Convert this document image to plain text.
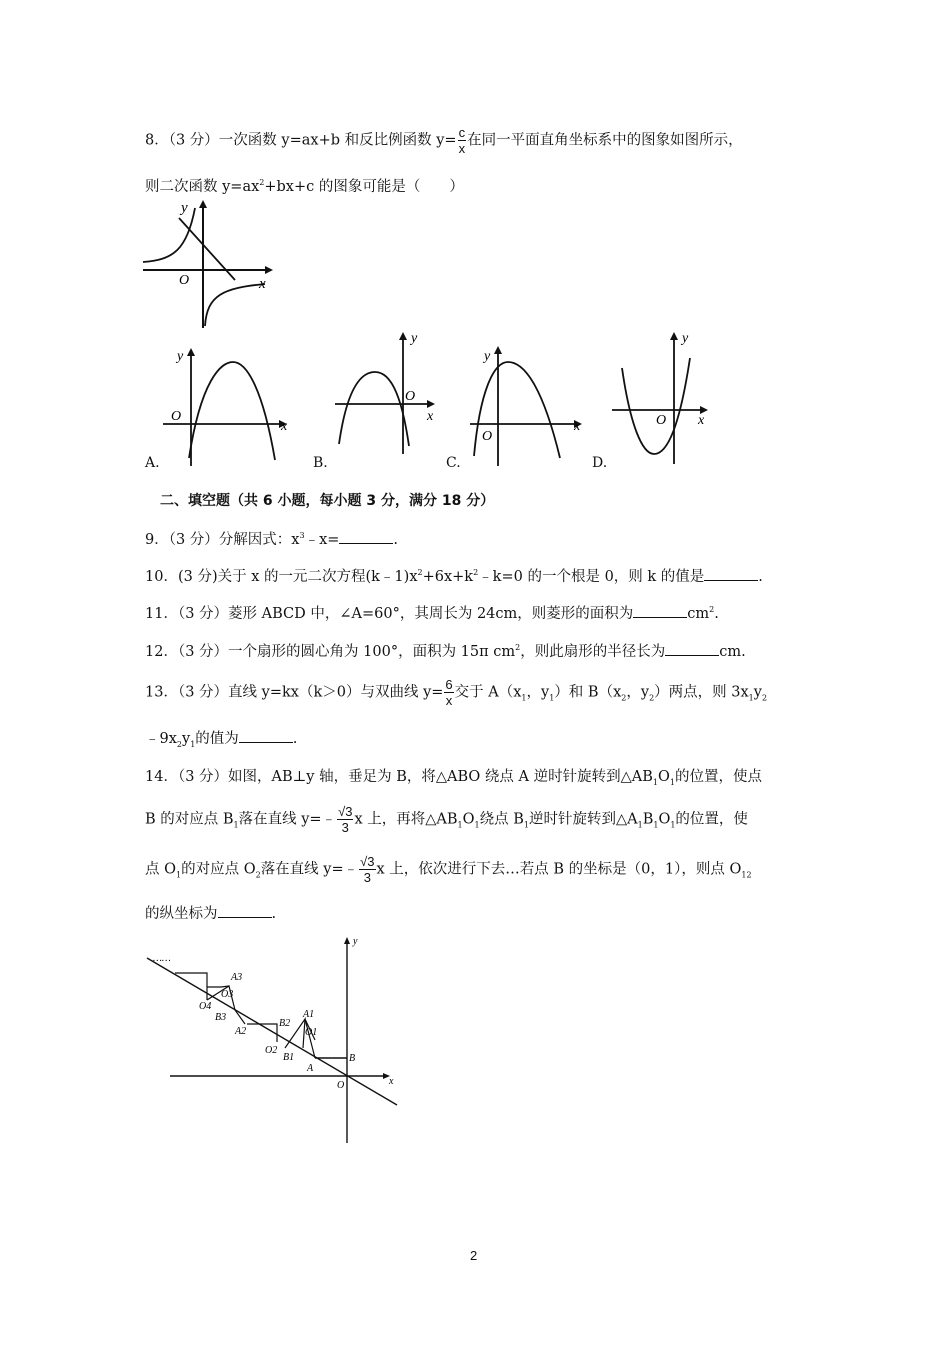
8．（3 分）一次函数 y=ax+b 和反比例函数 $y= \frac{c}{x}$ 在同一平面直角坐标系中的图象如图所示，
则二次函数 $y=ax^2+bx+c$ 的图象可能是（　　）
y
x
O
y
x
O
A.
y
x
O
B.
y
x
O
C.
y
x
O
D.
二、填空题（共 6 小题，每小题 3 分，满分 18 分）
9．（3 分）分解因式：$x^3﹣x=$	.
10．(3 分)关于 x 的一元二次方程$(k﹣1)x^2+6x+k^2﹣k=0$ 的一个根是 0，则 k 的值是	.
11．（3 分）菱形 ABCD 中，∠A=60°，其周长为 24cm，则菱形的面积为	$cm^2$.
12．（3 分）一个扇形的圆心角为 100°，面积为 15π $cm^2$，则此扇形的半径长为	cm.
13．（3 分）直线 y=kx（k＞0）与双曲线 $y= \frac{6}{x}$ 交于 $A(x_1$，$y_1$）和 $B(x_2$，$y_2$）两点，则 $3x_1y_2$
$﹣9x_2y_1$的值为	.
14．（3 分）如图，AB⊥y 轴，垂足为 B，将△ABO 绕点 A 逆时针旋转到$\triangle AB_1O_1$的位置，使点
B 的对应点 $B_1$落在直线 y=﹣ $\frac{√3}{3}$ x 上，再将$\triangle AB_1O_1$绕点 $B_1$逆时针旋转到$\triangle A_1B_1O_1$的位置，使
点 $O_1$的对应点 $O_2$落在直线 y=﹣ $\frac{√3}{3}$ x 上，依次进行下去…若点 B 的坐标是（0，1），则点 $O_{12}$
的纵坐标为	.
……
A3
O3
O4
B3
A2
B2
A1
O1
O2
B1
A
B
O	x
y
2
